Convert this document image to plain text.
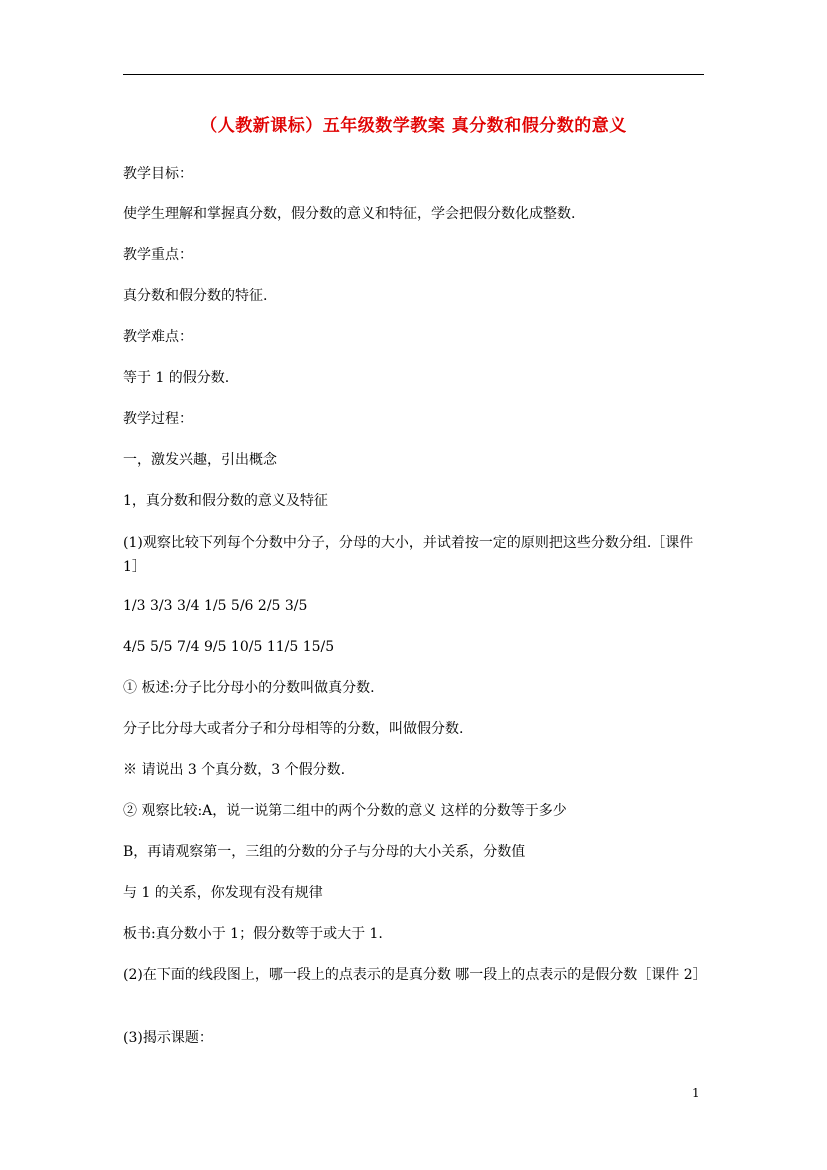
（人教新课标）五年级数学教案 真分数和假分数的意义
教学目标：
使学生理解和掌握真分数，假分数的意义和特征，学会把假分数化成整数.
教学重点：
真分数和假分数的特征.
教学难点：
等于 1 的假分数.
教学过程：
一，激发兴趣，引出概念
1，真分数和假分数的意义及特征
(1)观察比较下列每个分数中分子，分母的大小，并试着按一定的原则把这些分数分组.［课件 1］
1/3 3/3 3/4 1/5 5/6 2/5 3/5
4/5 5/5 7/4 9/5 10/5 11/5 15/5
① 板述:分子比分母小的分数叫做真分数.
分子比分母大或者分子和分母相等的分数，叫做假分数.
※ 请说出 3 个真分数，3 个假分数.
② 观察比较:A，说一说第二组中的两个分数的意义 这样的分数等于多少
B，再请观察第一，三组的分数的分子与分母的大小关系，分数值
与 1 的关系，你发现有没有规律
板书:真分数小于 1；假分数等于或大于 1.
(2)在下面的线段图上，哪一段上的点表示的是真分数 哪一段上的点表示的是假分数［课件 2］
(3)揭示课题：
1
